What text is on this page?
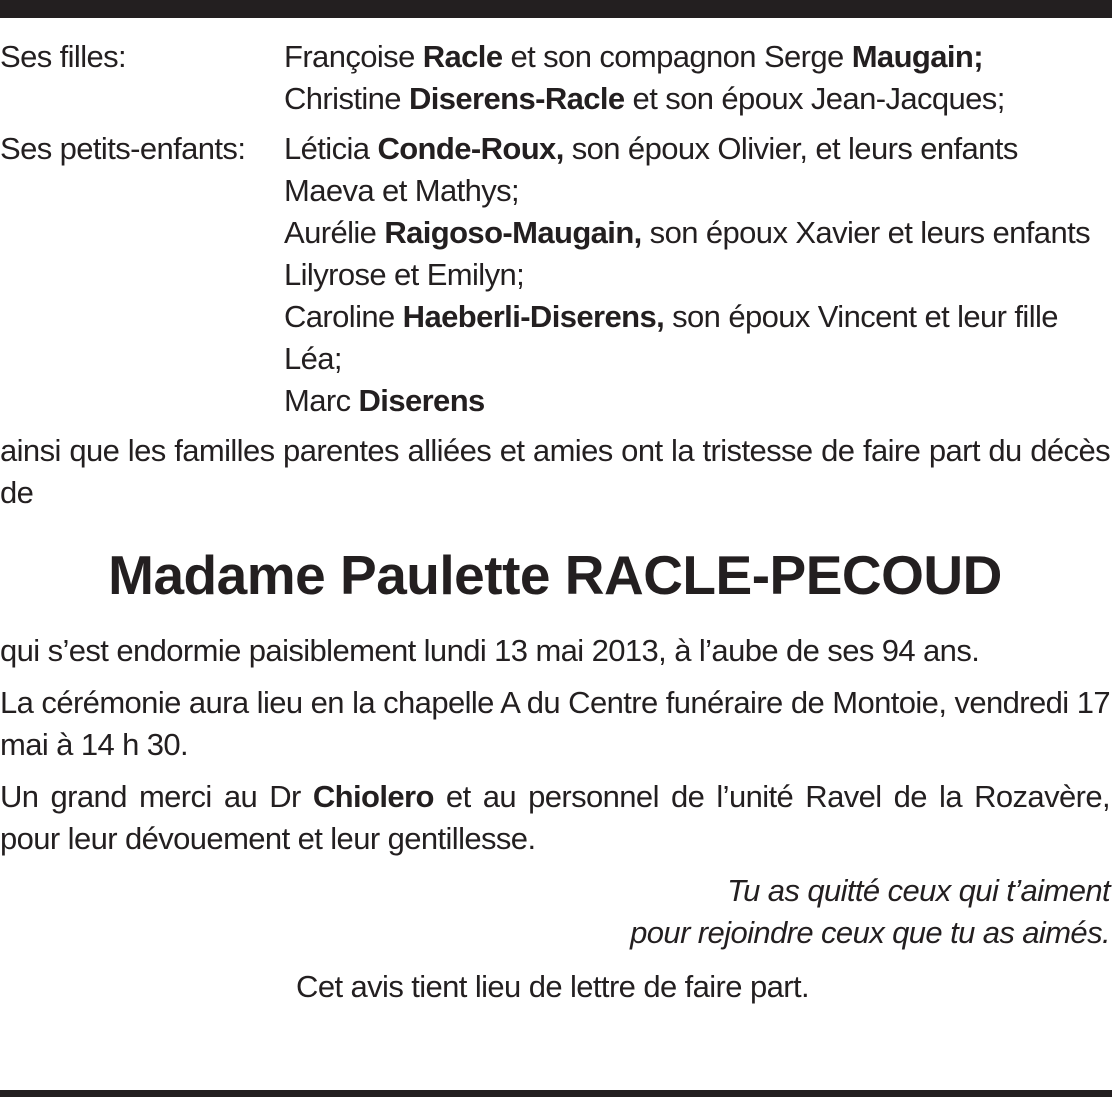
Ses filles:	Françoise Racle et son compagnon Serge Maugain;

Christine Diserens-Racle et son époux Jean-Jacques;

Ses petits-enfants:	Léticia Conde-Roux, son époux Olivier, et leurs enfants Maeva et Mathys;

Aurélie Raigoso-Maugain, son époux Xavier et leurs enfants Lilyrose et Emilyn;

Caroline Haeberli-Diserens, son époux Vincent et leur fille Léa;

Marc Diserens

ainsi que les familles parentes alliées et amies ont la tristesse de faire part du décès de
Madame Paulette RACLE-PECOUD
qui s’est endormie paisiblement lundi 13 mai 2013, à l’aube de ses 94 ans.
La cérémonie aura lieu en la chapelle A du Centre funéraire de Montoie, vendredi 17 mai à 14 h 30.
Un grand merci au Dr Chiolero et au personnel de l’unité Ravel de la Rozavère, pour leur dévouement et leur gentillesse.
Tu as quitté ceux qui t’aiment
pour rejoindre ceux que tu as aimés.
Cet avis tient lieu de lettre de faire part.
